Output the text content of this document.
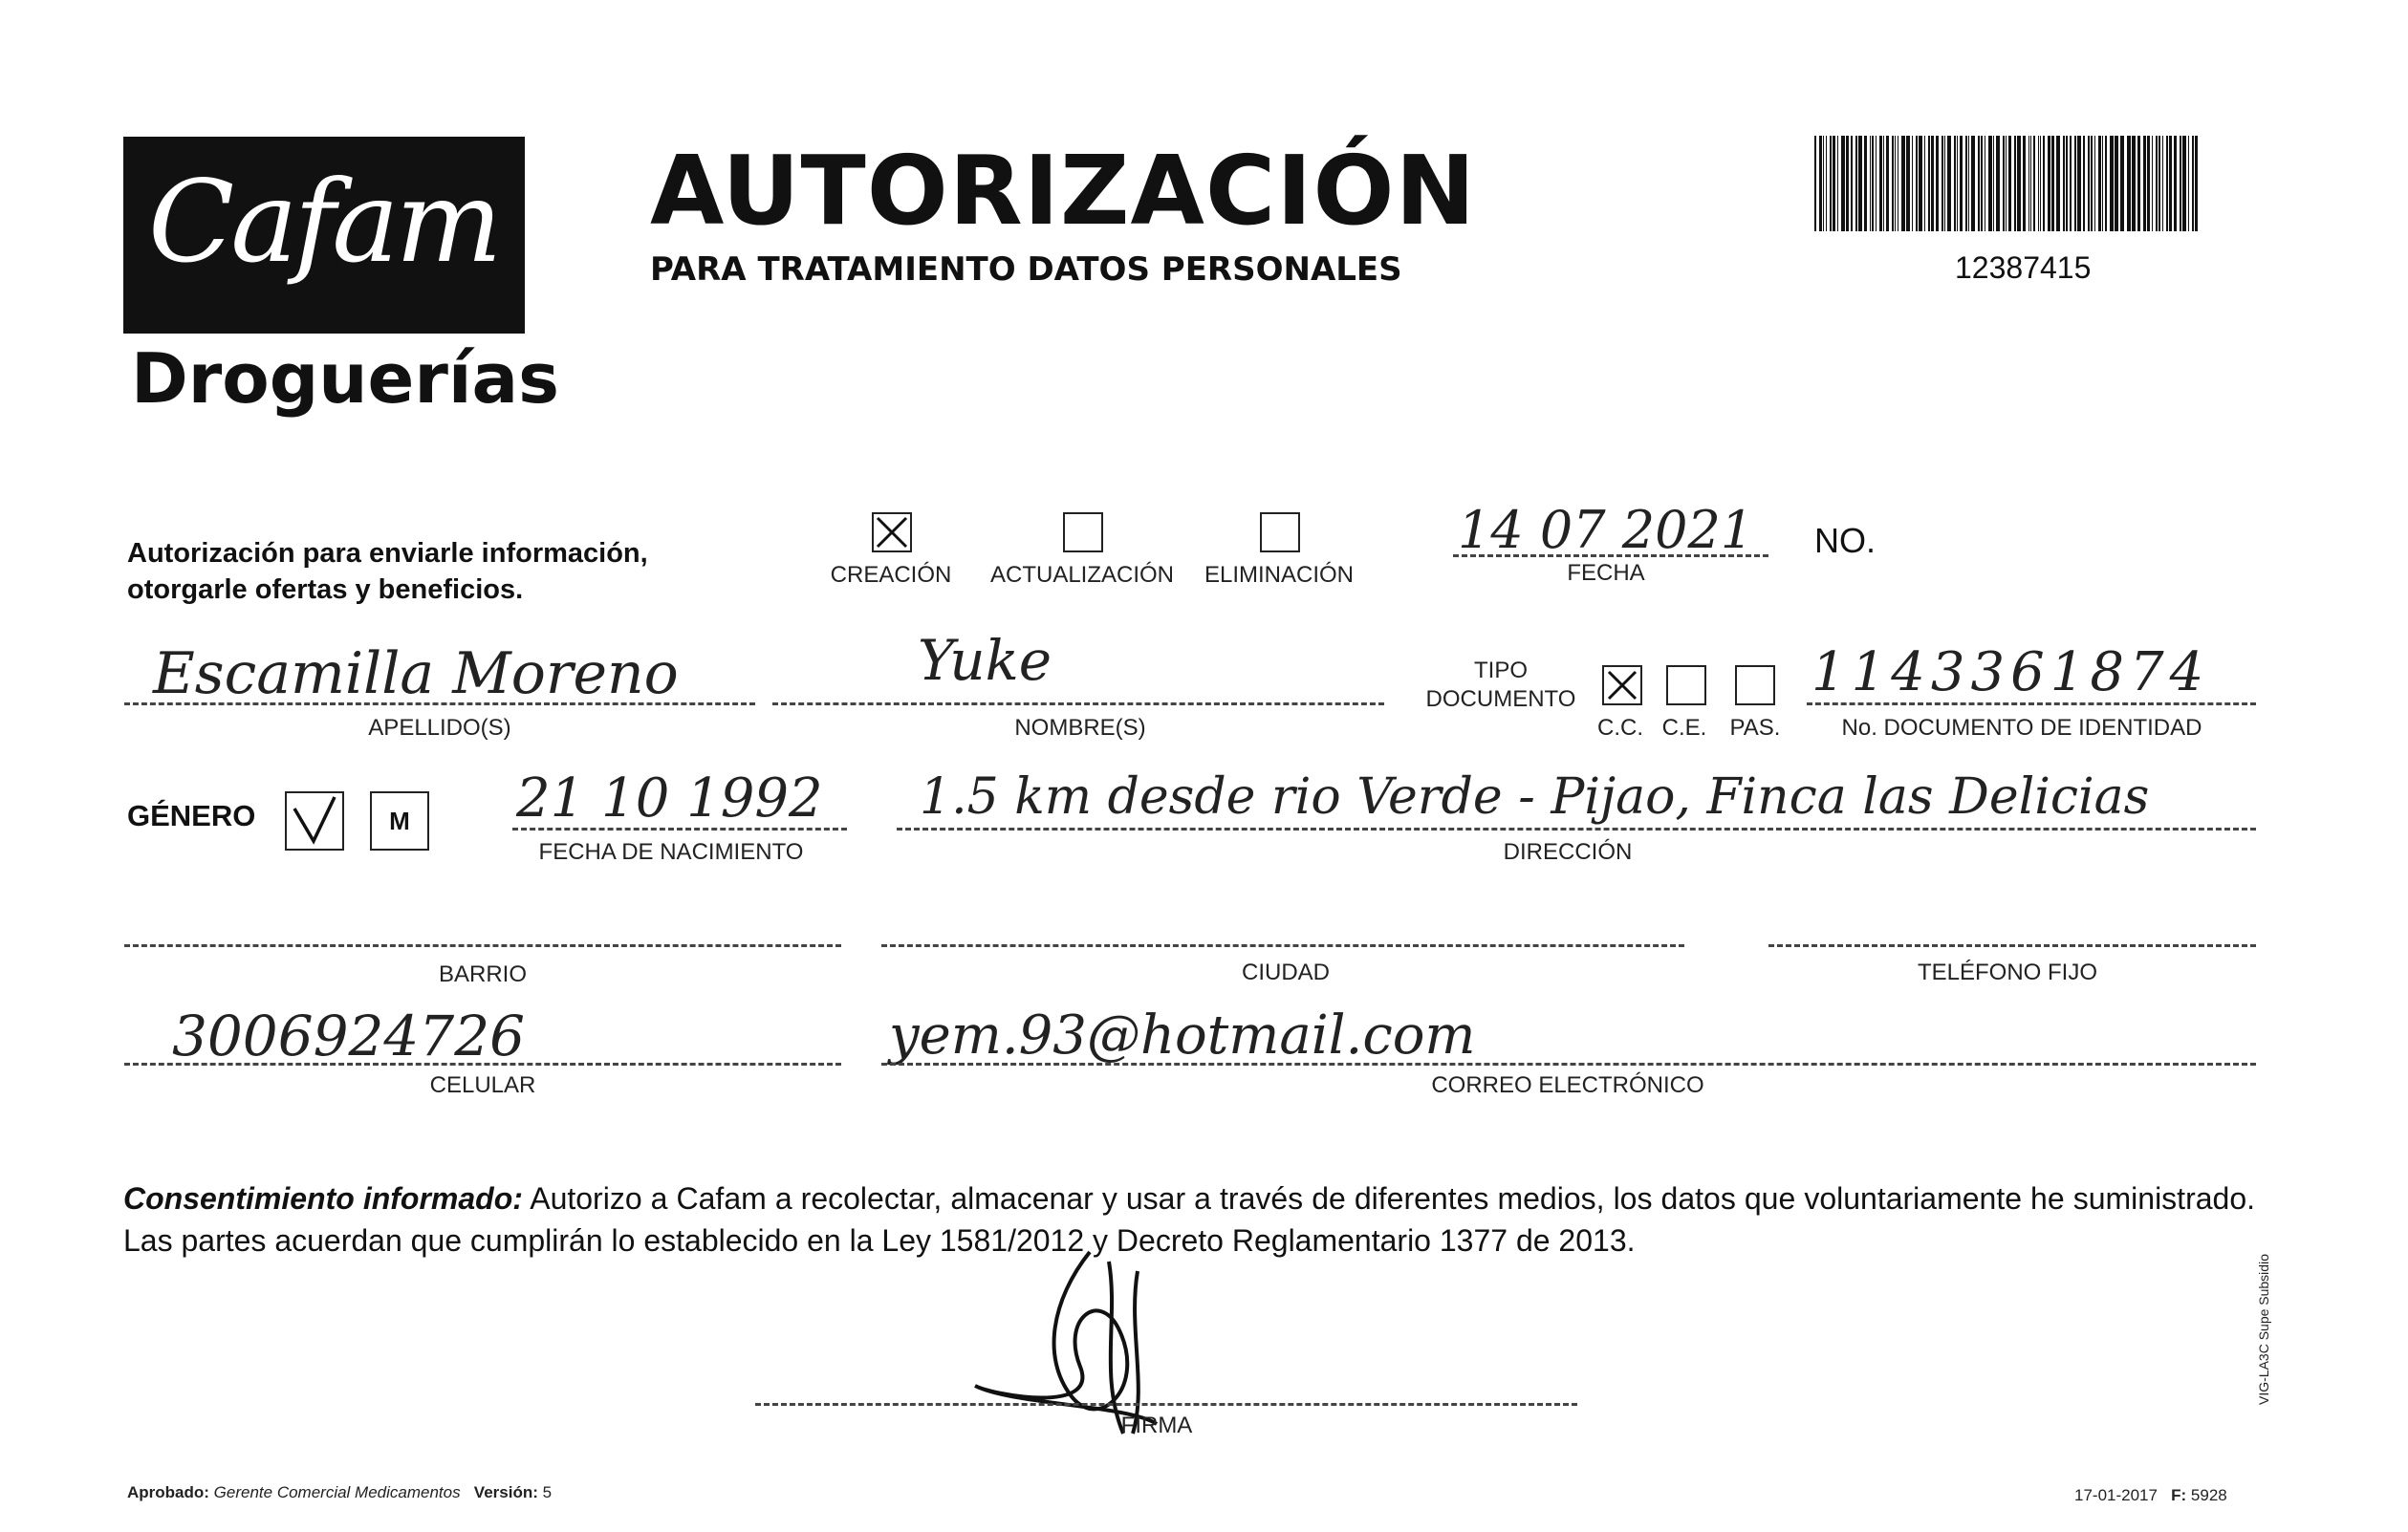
Cafam
Droguerías
AUTORIZACIÓN
PARA TRATAMIENTO DATOS PERSONALES	12387415
Autorización para enviarle información,
otorgarle ofertas y beneficios.	CREACIÓN	ACTUALIZACIÓN	ELIMINACIÓN
14 07 2021
FECHA
NO.
Escamilla Moreno
APELLIDO(S)
Yuke
NOMBRE(S)
TIPO
DOCUMENTO
C.C. C.E. PAS.
1143361874
No. DOCUMENTO DE IDENTIDAD
GÉNERO	M	21 10 1992
FECHA DE NACIMIENTO
1.5 km desde rio Verde - Pijao, Finca las Delicias
DIRECCIÓN
BARRIO	CIUDAD	TELÉFONO FIJO
3006924726
CELULAR
yem.93@hotmail.com
CORREO ELECTRÓNICO
Consentimiento informado: Autorizo a Cafam a recolectar, almacenar y usar a través de diferentes medios, los datos que voluntariamente he suministrado. Las partes acuerdan que cumplirán lo establecido en la Ley 1581/2012 y Decreto Reglamentario 1377 de 2013.
FIRMA
Aprobado: Gerente Comercial Medicamentos Versión: 5	17-01-2017 F: 5928
VIG-LA3C Supe Subsidio
